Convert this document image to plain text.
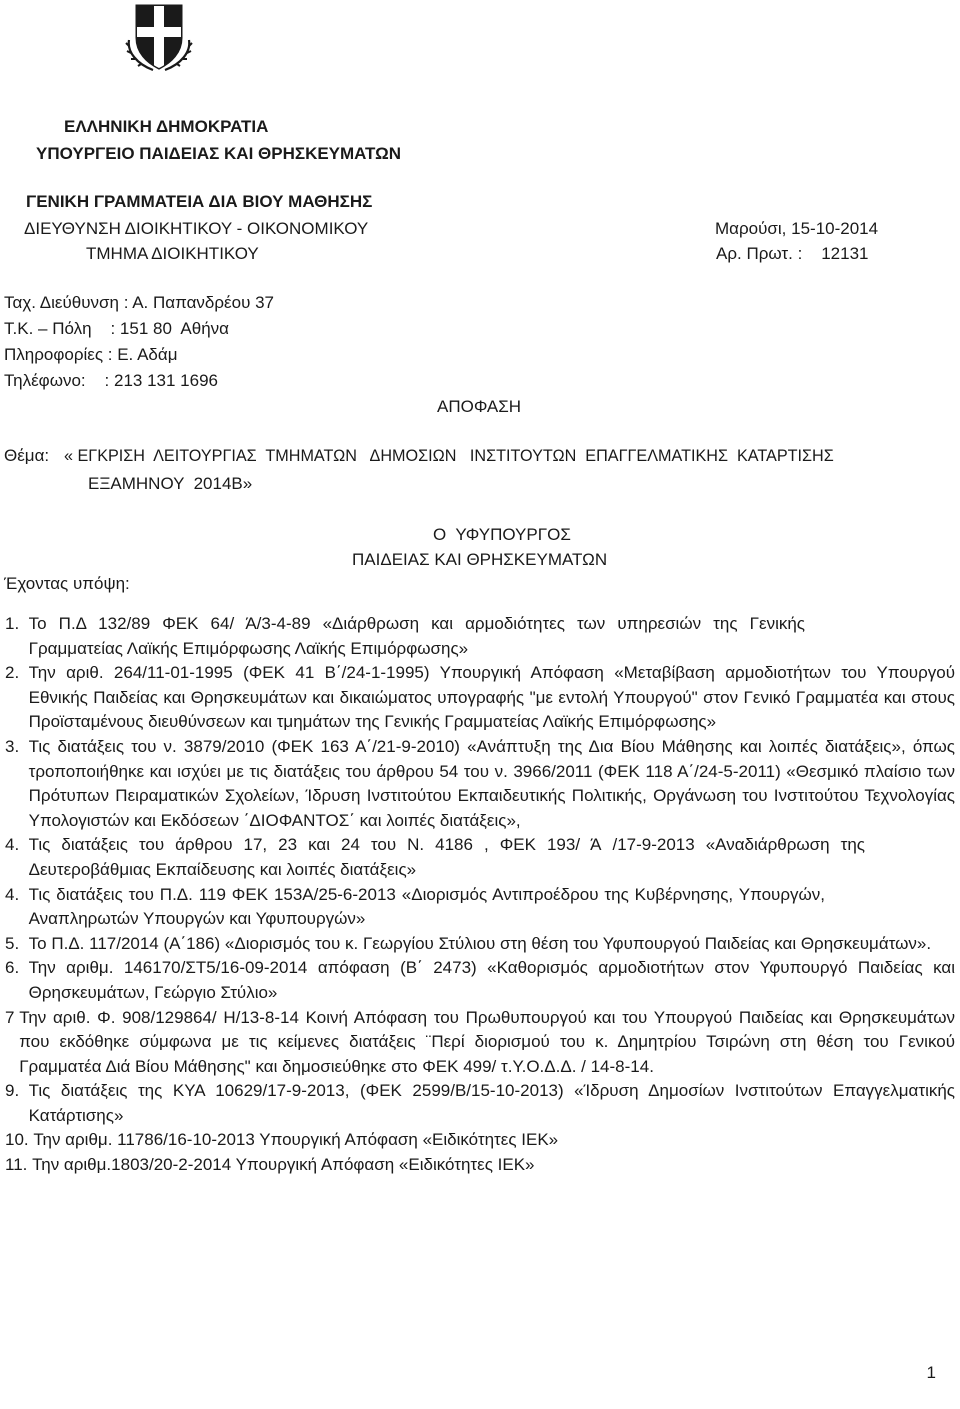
ΕΛΛΗΝΙΚΗ ΔΗΜΟΚΡΑΤΙΑ
ΥΠΟΥΡΓΕΙΟ ΠΑΙΔΕΙΑΣ ΚΑΙ ΘΡΗΣΚΕΥΜΑΤΩΝ
ΓΕΝΙΚΗ ΓΡΑΜΜΑΤΕΙΑ ΔΙΑ ΒΙΟΥ ΜΑΘΗΣΗΣ
ΔΙΕΥΘΥΝΣΗ ΔΙΟΙΚΗΤΙΚΟΥ - ΟΙΚΟΝΟΜΙΚΟΥ
ΤΜΗΜΑ ΔΙΟΙΚΗΤΙΚΟΥ
Μαρούσι, 15-10-2014
Αρ. Πρωτ. :    12131
Ταχ. Διεύθυνση : Α. Παπανδρέου 37
Τ.Κ. – Πόλη    : 151 80  Αθήνα
Πληροφορίες : Ε. Αδάμ
Τηλέφωνο:    : 213 131 1696
ΑΠΟΦΑΣΗ
Θέμα: « ΕΓΚΡΙΣΗ  ΛΕΙΤΟΥΡΓΙΑΣ  ΤΜΗΜΑΤΩΝ   ΔΗΜΟΣΙΩΝ   ΙΝΣΤΙΤΟΥΤΩΝ  ΕΠΑΓΓΕΛΜΑΤΙΚΗΣ  ΚΑΤΑΡΤΙΣΗΣ
ΕΞΑΜΗΝΟΥ  2014Β»
Ο  ΥΦΥΠΟΥΡΓΟΣ
ΠΑΙΔΕΙΑΣ ΚΑΙ ΘΡΗΣΚΕΥΜΑΤΩΝ
Έχοντας υπόψη:
1. Το Π.Δ 132/89 ΦΕΚ 64/ Ά/3-4-89 «Διάρθρωση και αρμοδιότητες των υπηρεσιών της Γενικής Γραμματείας Λαϊκής Επιμόρφωσης Λαϊκής Επιμόρφωσης»
2. Την αριθ. 264/11-01-1995 (ΦΕΚ 41 Β΄/24-1-1995) Υπουργική Απόφαση «Μεταβίβαση αρμοδιοτήτων του Υπουργού Εθνικής Παιδείας και Θρησκευμάτων και δικαιώματος υπογραφής "με εντολή Υπουργού" στον Γενικό Γραμματέα και στους Προϊσταμένους διευθύνσεων και τμημάτων της Γενικής Γραμματείας Λαϊκής Επιμόρφωσης»
3. Τις διατάξεις του ν. 3879/2010 (ΦΕΚ 163 Α΄/21-9-2010) «Ανάπτυξη της Δια Βίου Μάθησης και λοιπές διατάξεις», όπως τροποποιήθηκε και ισχύει με τις διατάξεις του άρθρου 54 του ν. 3966/2011 (ΦΕΚ 118 Α΄/24-5-2011) «Θεσμικό πλαίσιο των Πρότυπων Πειραματικών Σχολείων, Ίδρυση Ινστιτούτου Εκπαιδευτικής Πολιτικής, Οργάνωση του Ινστιτούτου Τεχνολογίας Υπολογιστών και Εκδόσεων ΄ΔΙΟΦΑΝΤΟΣ΄ και λοιπές διατάξεις»,
4. Τις διατάξεις του άρθρου 17, 23 και 24 του Ν. 4186 , ΦΕΚ 193/ Ά /17-9-2013 «Αναδιάρθρωση της Δευτεροβάθμιας Εκπαίδευσης και λοιπές διατάξεις»
4. Τις διατάξεις του Π.Δ. 119 ΦΕΚ 153Α/25-6-2013 «Διορισμός Αντιπροέδρου της Κυβέρνησης, Υπουργών, Αναπληρωτών Υπουργών και Υφυπουργών»
5. Το Π.Δ. 117/2014 (Α΄186) «Διορισμός του κ. Γεωργίου Στύλιου στη θέση του Υφυπουργού Παιδείας και Θρησκευμάτων».
6. Την αριθμ. 146170/ΣΤ5/16-09-2014 απόφαση (Β΄ 2473) «Καθορισμός αρμοδιοτήτων στον Υφυπουργό Παιδείας και Θρησκευμάτων, Γεώργιο Στύλιο»
7 Την αριθ. Φ. 908/129864/ Η/13-8-14 Κοινή Απόφαση του Πρωθυπουργού και του Υπουργού Παιδείας και Θρησκευμάτων που εκδόθηκε σύμφωνα με τις κείμενες διατάξεις ¨Περί διορισμού του κ. Δημητρίου Τσιρώνη στη θέση του Γενικού Γραμματέα Διά Βίου Μάθησης" και δημοσιεύθηκε στο ΦΕΚ 499/ τ.Υ.Ο.Δ.Δ. / 14-8-14.
9. Τις διατάξεις της ΚΥΑ 10629/17-9-2013, (ΦΕΚ 2599/Β/15-10-2013) «Ίδρυση Δημοσίων Ινστιτούτων Επαγγελματικής Κατάρτισης»
10. Την αριθμ. 11786/16-10-2013 Υπουργική Απόφαση «Ειδικότητες ΙΕΚ»
11. Την αριθμ.1803/20-2-2014 Υπουργική Απόφαση «Ειδικότητες ΙΕΚ»
1
